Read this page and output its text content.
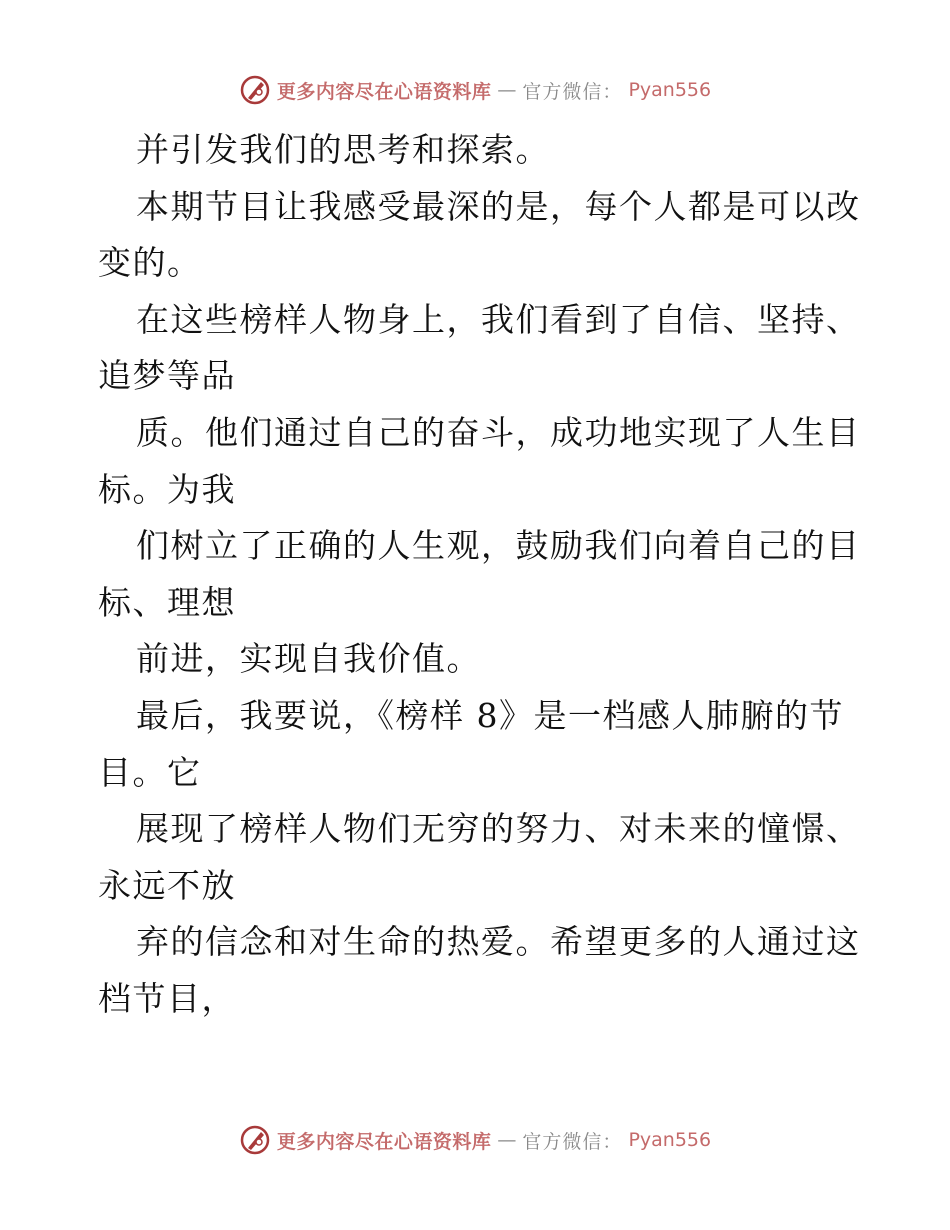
更多内容尽在心语资料库 — 官方微信： Pyan556
并引发我们的思考和探索。
本期节目让我感受最深的是，每个人都是可以改
变的。
在这些榜样人物身上，我们看到了自信、坚持、
追梦等品
质。他们通过自己的奋斗，成功地实现了人生目
标。为我
们树立了正确的人生观，鼓励我们向着自己的目
标、理想
前进，实现自我价值。
最后，我要说，《榜样 8》是一档感人肺腑的节
目。它
展现了榜样人物们无穷的努力、对未来的憧憬、
永远不放
弃的信念和对生命的热爱。希望更多的人通过这
档节目，
更多内容尽在心语资料库 — 官方微信： Pyan556
